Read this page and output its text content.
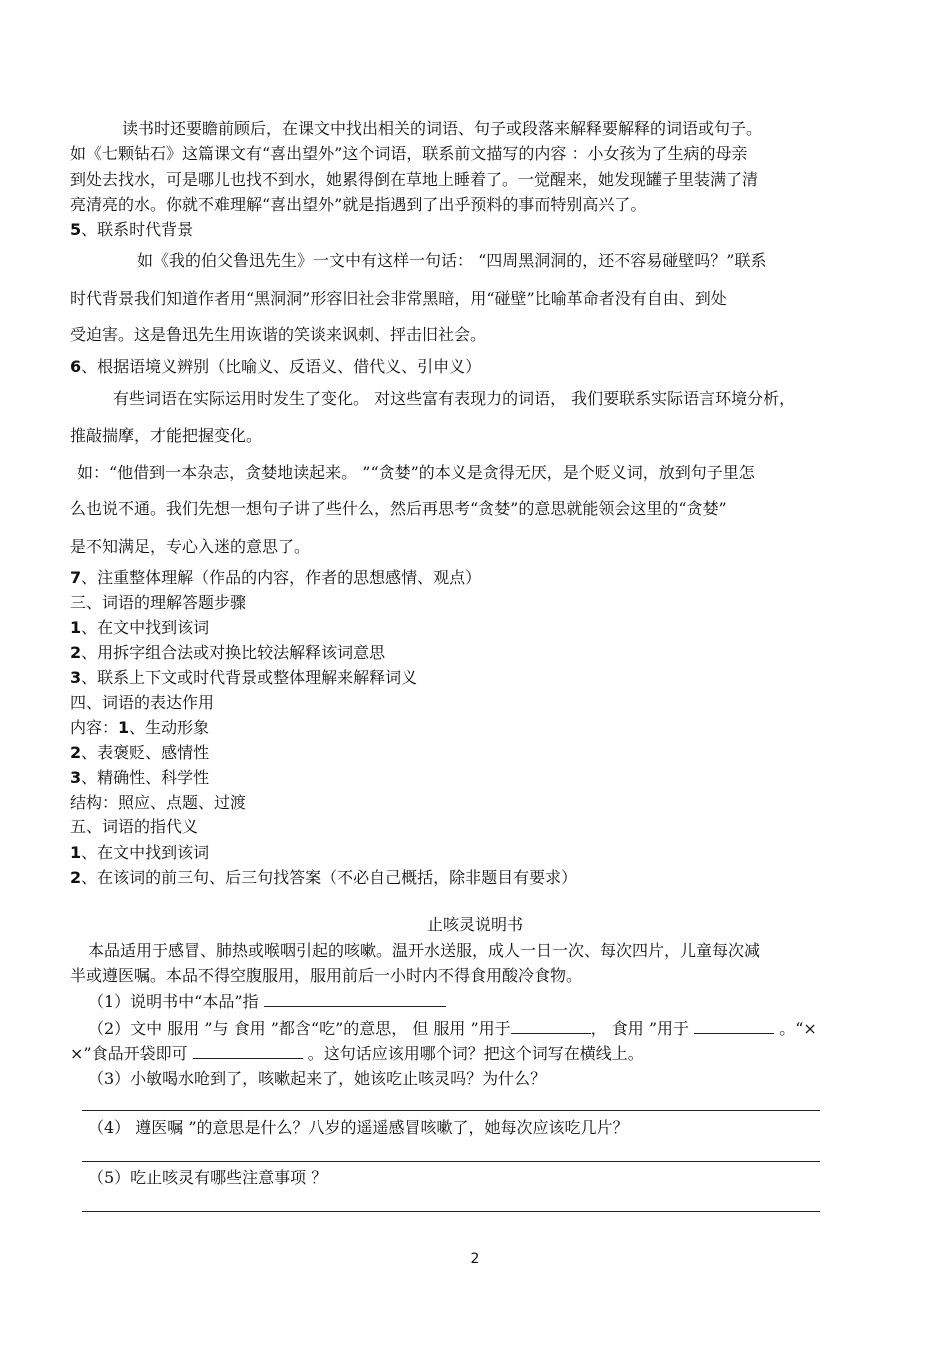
读书时还要瞻前顾后，在课文中找出相关的词语、句子或段落来解释要解释的词语或句子。
如《七颗钻石》这篇课文有“喜出望外”这个词语，联系前文描写的内容 ：小女孩为了生病的母亲
到处去找水，可是哪儿也找不到水，她累得倒在草地上睡着了。一觉醒来，她发现罐子里装满了清
亮清亮的水。你就不难理解“喜出望外”就是指遇到了出乎预料的事而特别高兴了。
5、联系时代背景
如《我的伯父鲁迅先生》一文中有这样一句话： “四周黑洞洞的，还不容易碰壁吗？”联系
时代背景我们知道作者用“黑洞洞”形容旧社会非常黑暗，用“碰壁”比喻革命者没有自由、到处
受迫害。这是鲁迅先生用诙谐的笑谈来讽刺、抨击旧社会。
6、根据语境义辨别（比喻义、反语义、借代义、引申义）
有些词语在实际运用时发生了变化。 对这些富有表现力的词语， 我们要联系实际语言环境分析，
推敲揣摩，才能把握变化。
如：“他借到一本杂志，贪婪地读起来。 ”“贪婪”的本义是贪得无厌，是个贬义词，放到句子里怎
么也说不通。我们先想一想句子讲了些什么，然后再思考“贪婪”的意思就能领会这里的“贪婪”
是不知满足，专心入迷的意思了。
7、注重整体理解（作品的内容，作者的思想感情、观点）
三、词语的理解答题步骤
1、在文中找到该词
2、用拆字组合法或对换比较法解释该词意思
3、联系上下文或时代背景或整体理解来解释词义
四、词语的表达作用
内容：1、生动形象
2、表褒贬、感情性
3、精确性、科学性
结构：照应、点题、过渡
五、词语的指代义
1、在文中找到该词
2、在该词的前三句、后三句找答案（不必自己概括，除非题目有要求）
止咳灵说明书
本品适用于感冒、肺热或喉咽引起的咳嗽。温开水送服，成人一日一次、每次四片，儿童每次减
半或遵医嘱。本品不得空腹服用，服用前后一小时内不得食用酸冷食物。
（1）说明书中“本品”指
（2）文中 服用 ”与 食用 ”都含“吃”的意思， 但 服用 ”用于	， 食用 ”用于	。“×
×”食品开袋即可	。这句话应该用哪个词？把这个词写在横线上。
（3）小敏喝水呛到了，咳嗽起来了，她该吃止咳灵吗？为什么？
（4） 遵医嘱 ”的意思是什么？八岁的遥遥感冒咳嗽了，她每次应该吃几片？
（5）吃止咳灵有哪些注意事项 ？
2
